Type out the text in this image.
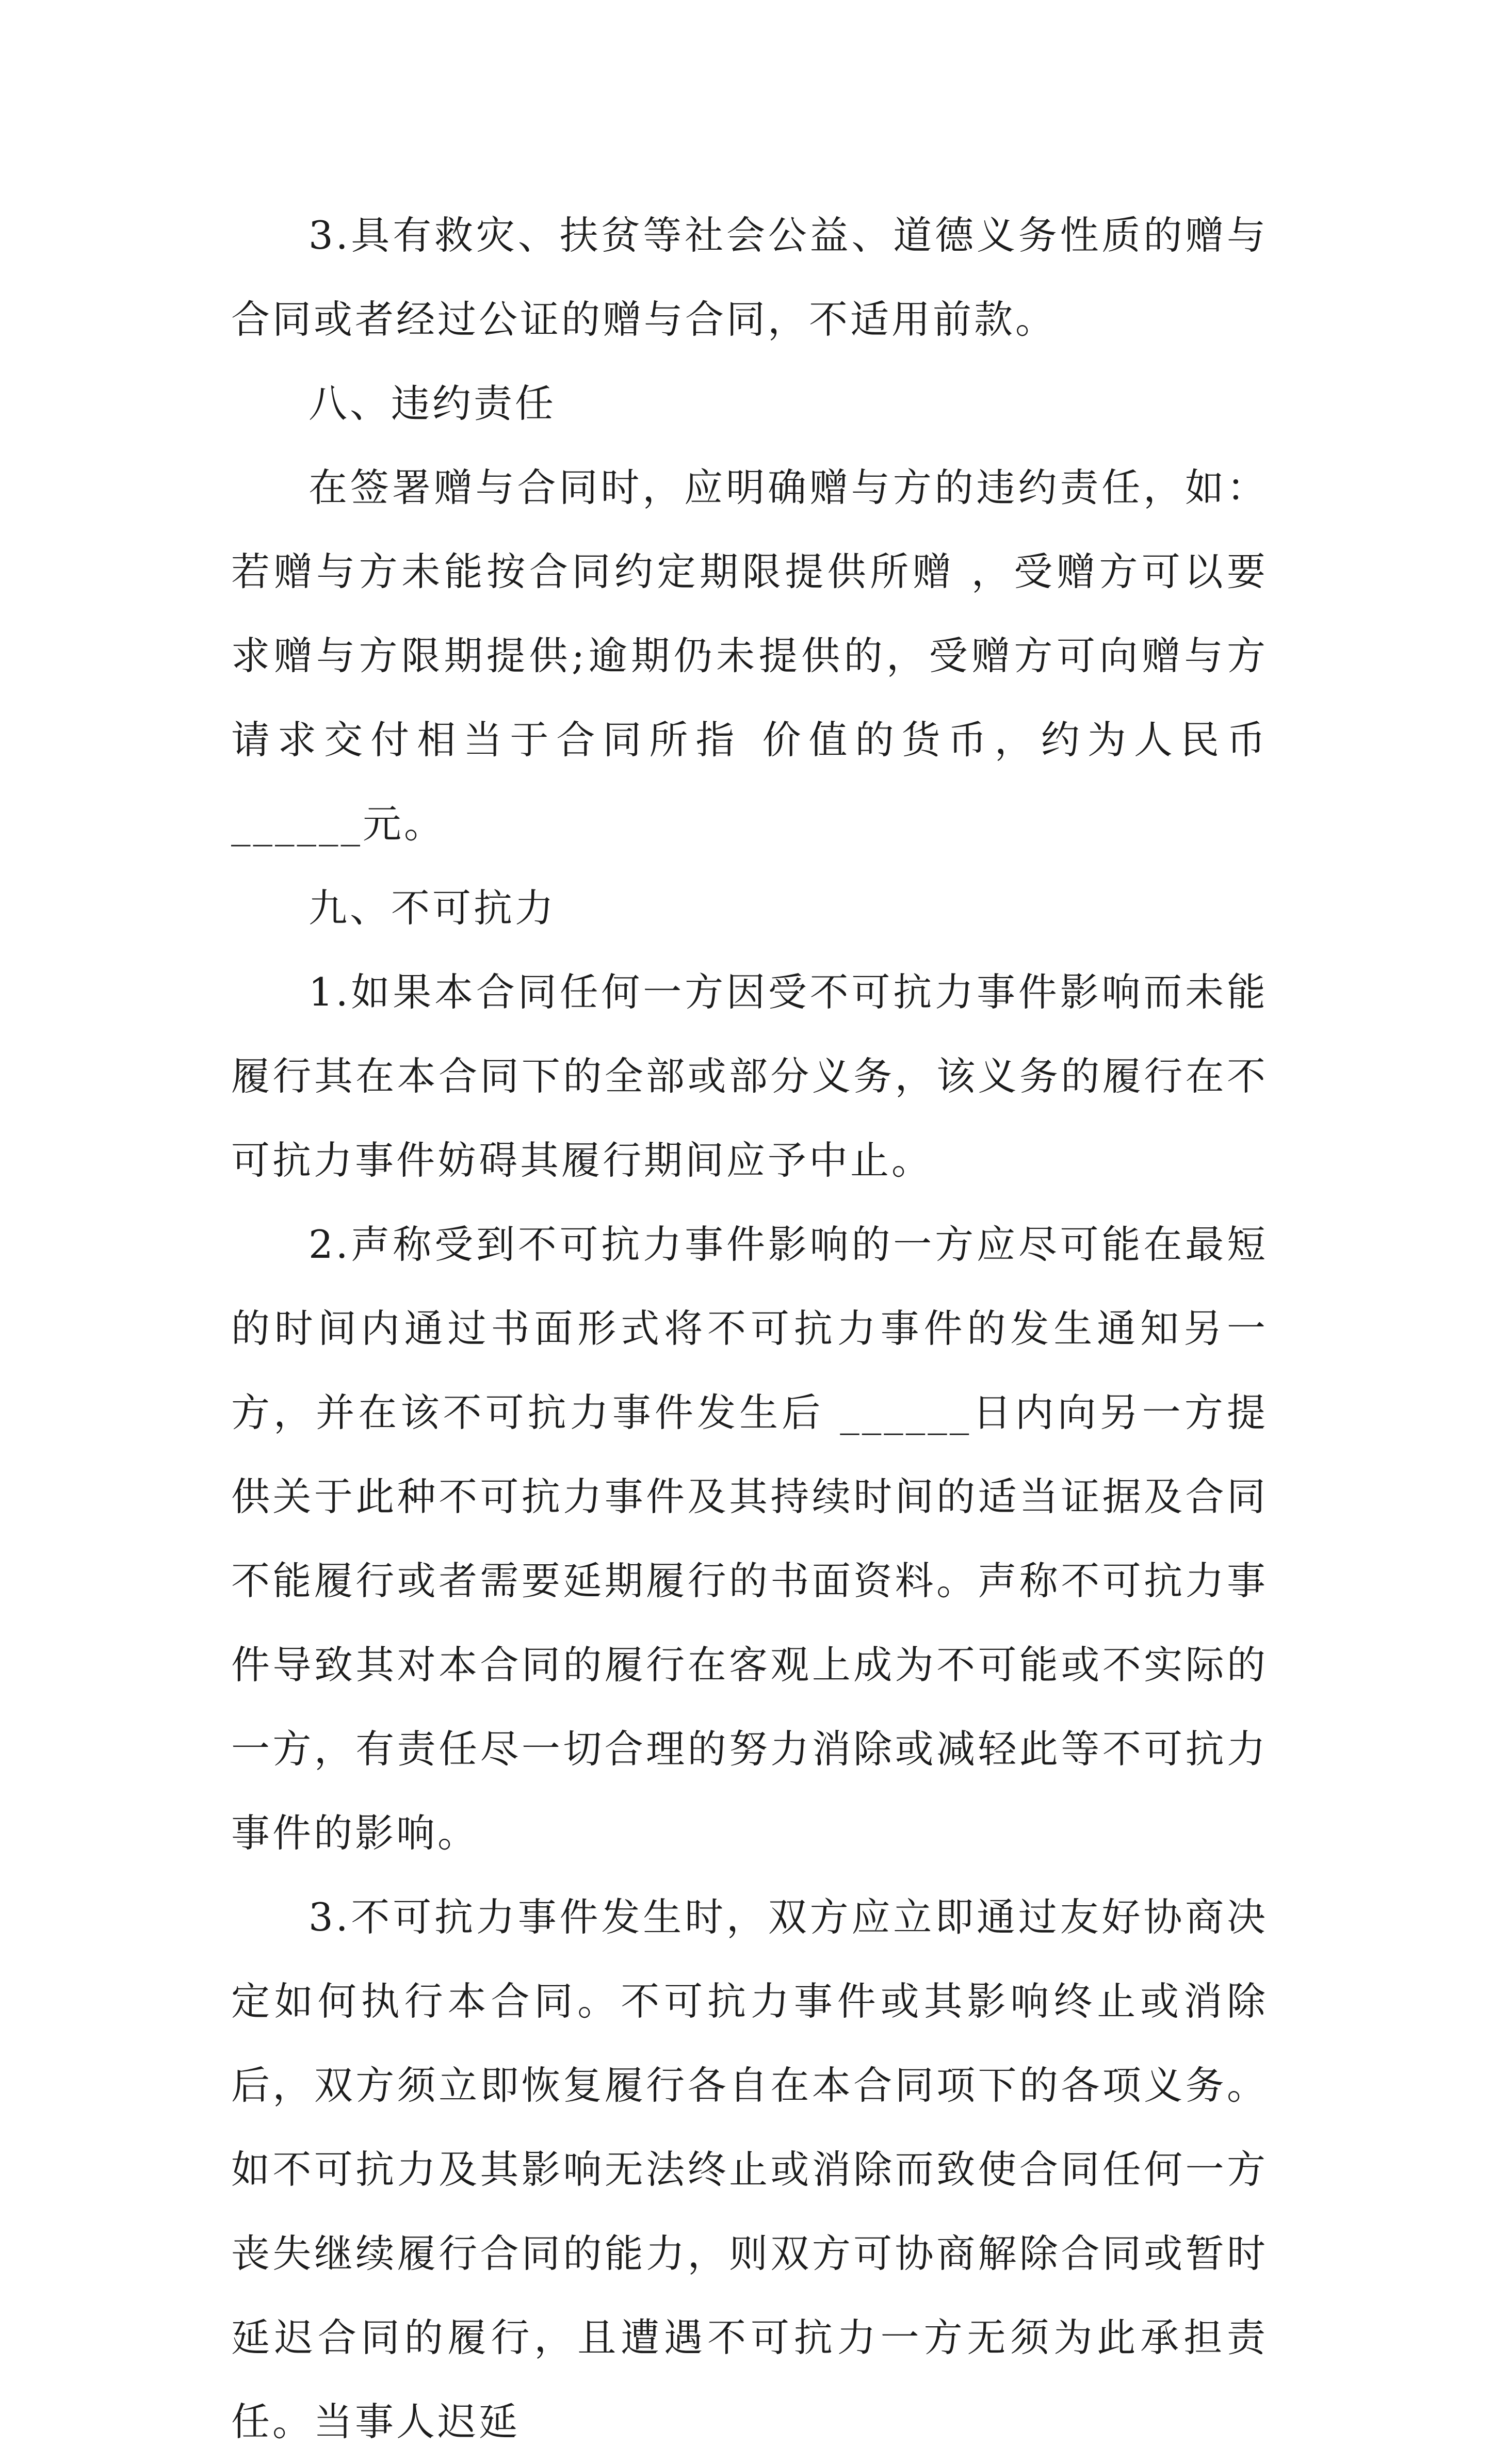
3.具有救灾、扶贫等社会公益、道德义务性质的赠与合同或者经过公证的赠与合同，不适用前款。

八、违约责任

在签署赠与合同时，应明确赠与方的违约责任，如：若赠与方未能按合同约定期限提供所赠 ，受赠方可以要求赠与方限期提供;逾期仍未提供的，受赠方可向赠与方请求交付相当于合同所指 价值的货币，约为人民币 ______元。

九、不可抗力

1.如果本合同任何一方因受不可抗力事件影响而未能履行其在本合同下的全部或部分义务，该义务的履行在不可抗力事件妨碍其履行期间应予中止。

2.声称受到不可抗力事件影响的一方应尽可能在最短的时间内通过书面形式将不可抗力事件的发生通知另一方，并在该不可抗力事件发生后 ______日内向另一方提供关于此种不可抗力事件及其持续时间的适当证据及合同不能履行或者需要延期履行的书面资料。声称不可抗力事件导致其对本合同的履行在客观上成为不可能或不实际的一方，有责任尽一切合理的努力消除或减轻此等不可抗力事件的影响。

3.不可抗力事件发生时，双方应立即通过友好协商决定如何执行本合同。不可抗力事件或其影响终止或消除后，双方须立即恢复履行各自在本合同项下的各项义务。如不可抗力及其影响无法终止或消除而致使合同任何一方丧失继续履行合同的能力，则双方可协商解除合同或暂时延迟合同的履行，且遭遇不可抗力一方无须为此承担责任。当事人迟延
